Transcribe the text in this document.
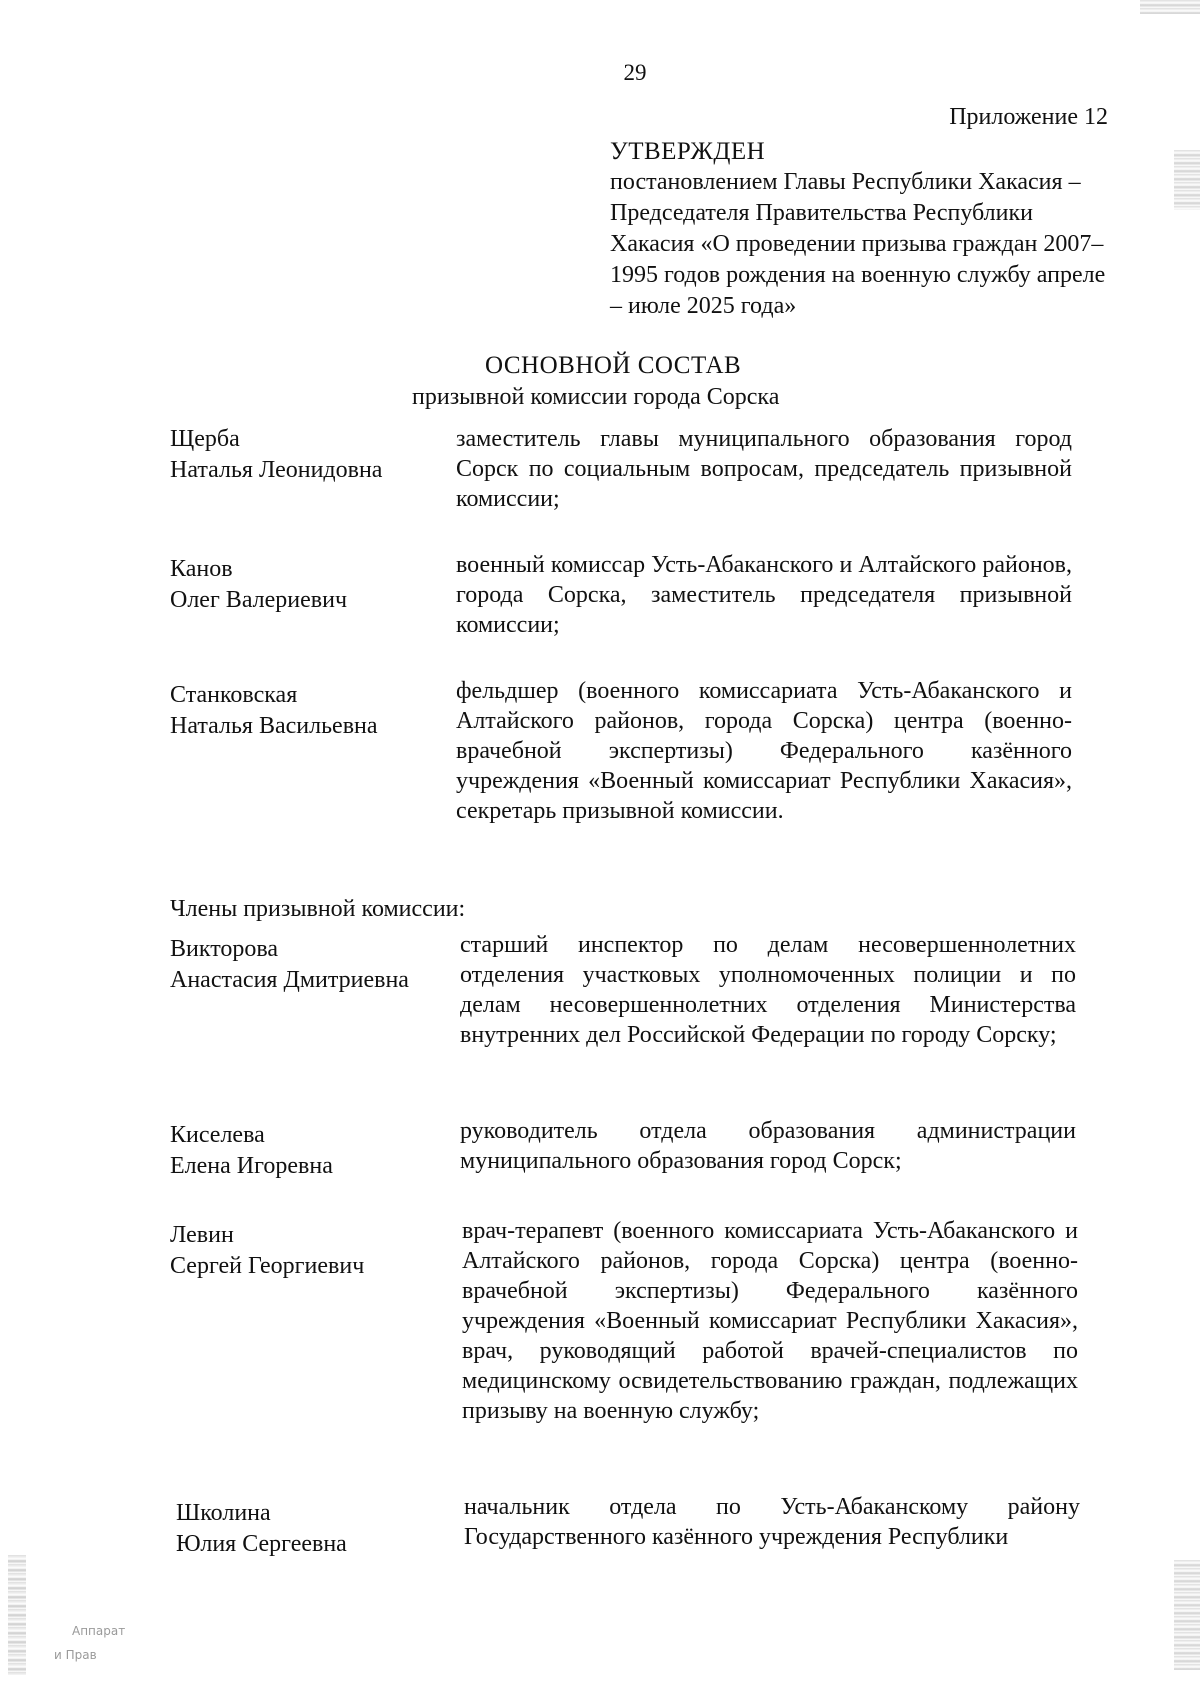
29
Приложение 12
УТВЕРЖДЕН
постановлением Главы Республики Хакасия – Председателя Правительства Республики Хакасия «О проведении призыва граждан 2007–1995 годов рождения на военную службу апреле – июле 2025 года»
ОСНОВНОЙ СОСТАВ
призывной комиссии города Сорска
Щерба
Наталья Леонидовна
заместитель главы муниципального образования город Сорск по социальным вопросам, председатель призывной комиссии;
Канов
Олег Валериевич
военный комиссар Усть-Абаканского и Алтайского районов, города Сорска, заместитель председателя призывной комиссии;
Станковская
Наталья Васильевна
фельдшер (военного комиссариата Усть-Абаканского и Алтайского районов, города Сорска) центра (военно-врачебной экспертизы) Федерального казённого учреждения «Военный комиссариат Республики Хакасия», секретарь призывной комиссии.
Члены призывной комиссии:
Викторова
Анастасия Дмитриевна
старший инспектор по делам несовершеннолетних отделения участковых уполномоченных полиции и по делам несовершеннолетних отделения Министерства внутренних дел Российской Федерации по городу Сорску;
Киселева
Елена Игоревна
руководитель отдела образования администрации муниципального образования город Сорск;
Левин
Сергей Георгиевич
врач-терапевт (военного комиссариата Усть-Абаканского и Алтайского районов, города Сорска) центра (военно-врачебной экспертизы) Федерального казённого учреждения «Военный комиссариат Республики Хакасия», врач, руководящий работой врачей-специалистов по медицинскому освидетельствованию граждан, подлежащих призыву на военную службу;
Школина
Юлия Сергеевна
начальник отдела по Усть-Абаканскому району Государственного казённого учреждения Республики
Аппарат
и Прав
